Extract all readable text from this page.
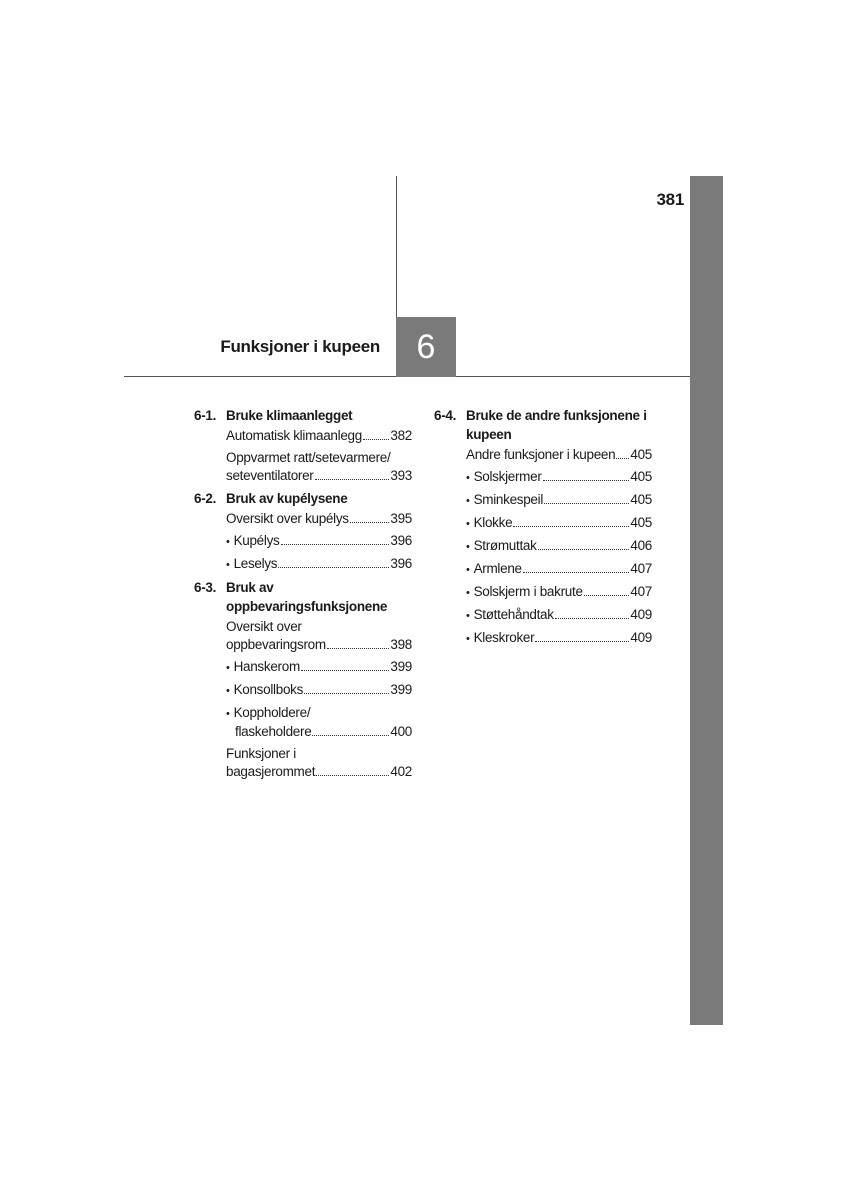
381
6
Funksjoner i kupeen
6-1. Bruke klimaanlegget
Automatisk klimaanlegg 382
Oppvarmet ratt/setevarmere/
seteventilatorer	393
6-2. Bruk av kupélysene
Oversikt over kupélys	395
• Kupélys	396
• Leselys	396
6-3. Bruk av oppbevaringsfunksjonene
Oversikt over
oppbevaringsrom	398
• Hanskerom	399
• Konsollboks	399
• Koppholdere/
flaskeholdere	400
Funksjoner i
bagasjerommet	402
6-4. Bruke de andre funksjonene i kupeen
Andre funksjoner i kupeen 405
• Solskjermer	405
• Sminkespeil	405
• Klokke	405
• Strømuttak	406
• Armlene	407
• Solskjerm i bakrute	407
• Støttehåndtak	409
• Kleskroker	409
